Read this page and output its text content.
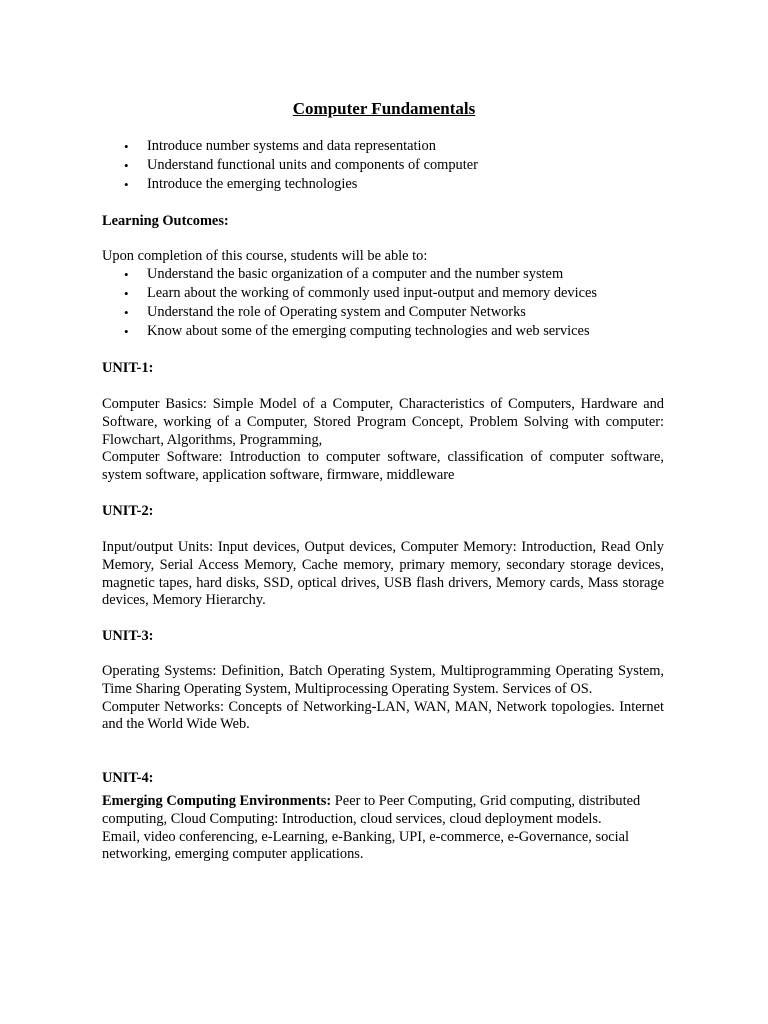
Computer Fundamentals
• Introduce number systems and data representation
• Understand functional units and components of computer
• Introduce the emerging technologies
Learning Outcomes:
Upon completion of this course, students will be able to:
• Understand the basic organization of a computer and the number system
• Learn about the working of commonly used input-output and memory devices
• Understand the role of Operating system and Computer Networks
• Know about some of the emerging computing technologies and web services
UNIT-1:
Computer Basics: Simple Model of a Computer, Characteristics of Computers, Hardware and Software, working of a Computer, Stored Program Concept, Problem Solving with computer: Flowchart, Algorithms, Programming,
Computer Software: Introduction to computer software, classification of computer software, system software, application software, firmware, middleware
UNIT-2:
Input/output Units: Input devices, Output devices, Computer Memory: Introduction, Read Only Memory, Serial Access Memory, Cache memory, primary memory, secondary storage devices, magnetic tapes, hard disks, SSD, optical drives, USB flash drivers, Memory cards, Mass storage devices, Memory Hierarchy.
UNIT-3:
Operating Systems: Definition, Batch Operating System, Multiprogramming Operating System, Time Sharing Operating System, Multiprocessing Operating System. Services of OS.
Computer Networks: Concepts of Networking-LAN, WAN, MAN, Network topologies. Internet and the World Wide Web.
UNIT-4:
Emerging Computing Environments: Peer to Peer Computing, Grid computing, distributed computing, Cloud Computing: Introduction, cloud services, cloud deployment models.
Email, video conferencing, e-Learning, e-Banking, UPI, e-commerce, e-Governance, social networking, emerging computer applications.
